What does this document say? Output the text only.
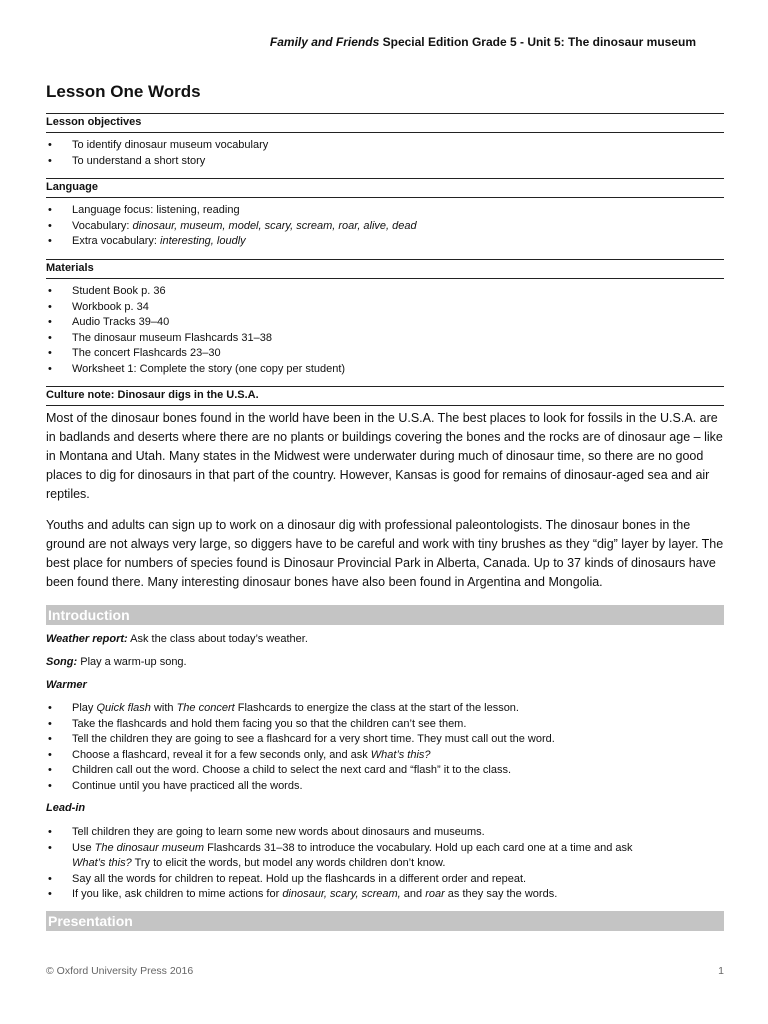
Family and Friends Special Edition Grade 5 - Unit 5: The dinosaur museum
Lesson One Words
Lesson objectives
• To identify dinosaur museum vocabulary
• To understand a short story
Language
• Language focus: listening, reading
• Vocabulary: dinosaur, museum, model, scary, scream, roar, alive, dead
• Extra vocabulary: interesting, loudly
Materials
• Student Book p. 36
• Workbook p. 34
• Audio Tracks 39–40
• The dinosaur museum Flashcards 31–38
• The concert Flashcards 23–30
• Worksheet 1: Complete the story (one copy per student)
Culture note: Dinosaur digs in the U.S.A.

Most of the dinosaur bones found in the world have been in the U.S.A. The best places to look for fossils in the U.S.A. are in badlands and deserts where there are no plants or buildings covering the bones and the rocks are of dinosaur age – like in Montana and Utah. Many states in the Midwest were underwater during much of dinosaur time, so there are no good places to dig for dinosaurs in that part of the country. However, Kansas is good for remains of dinosaur-aged sea and air reptiles.

Youths and adults can sign up to work on a dinosaur dig with professional paleontologists. The dinosaur bones in the ground are not always very large, so diggers have to be careful and work with tiny brushes as they “dig” layer by layer. The best place for numbers of species found is Dinosaur Provincial Park in Alberta, Canada. Up to 37 kinds of dinosaurs have been found there. Many interesting dinosaur bones have also been found in Argentina and Mongolia.

Introduction
Weather report: Ask the class about today’s weather.
Song: Play a warm-up song.
Warmer
• Play Quick flash with The concert Flashcards to energize the class at the start of the lesson.
• Take the flashcards and hold them facing you so that the children can’t see them.
• Tell the children they are going to see a flashcard for a very short time. They must call out the word.
• Choose a flashcard, reveal it for a few seconds only, and ask What’s this?
• Children call out the word. Choose a child to select the next card and “flash” it to the class.
• Continue until you have practiced all the words.
Lead-in
• Tell children they are going to learn some new words about dinosaurs and museums.
• Use The dinosaur museum Flashcards 31–38 to introduce the vocabulary. Hold up each card one at a time and ask
What’s this? Try to elicit the words, but model any words children don’t know.
• Say all the words for children to repeat. Hold up the flashcards in a different order and repeat.
• If you like, ask children to mime actions for dinosaur, scary, scream, and roar as they say the words.
Presentation
© Oxford University Press 2016	1
